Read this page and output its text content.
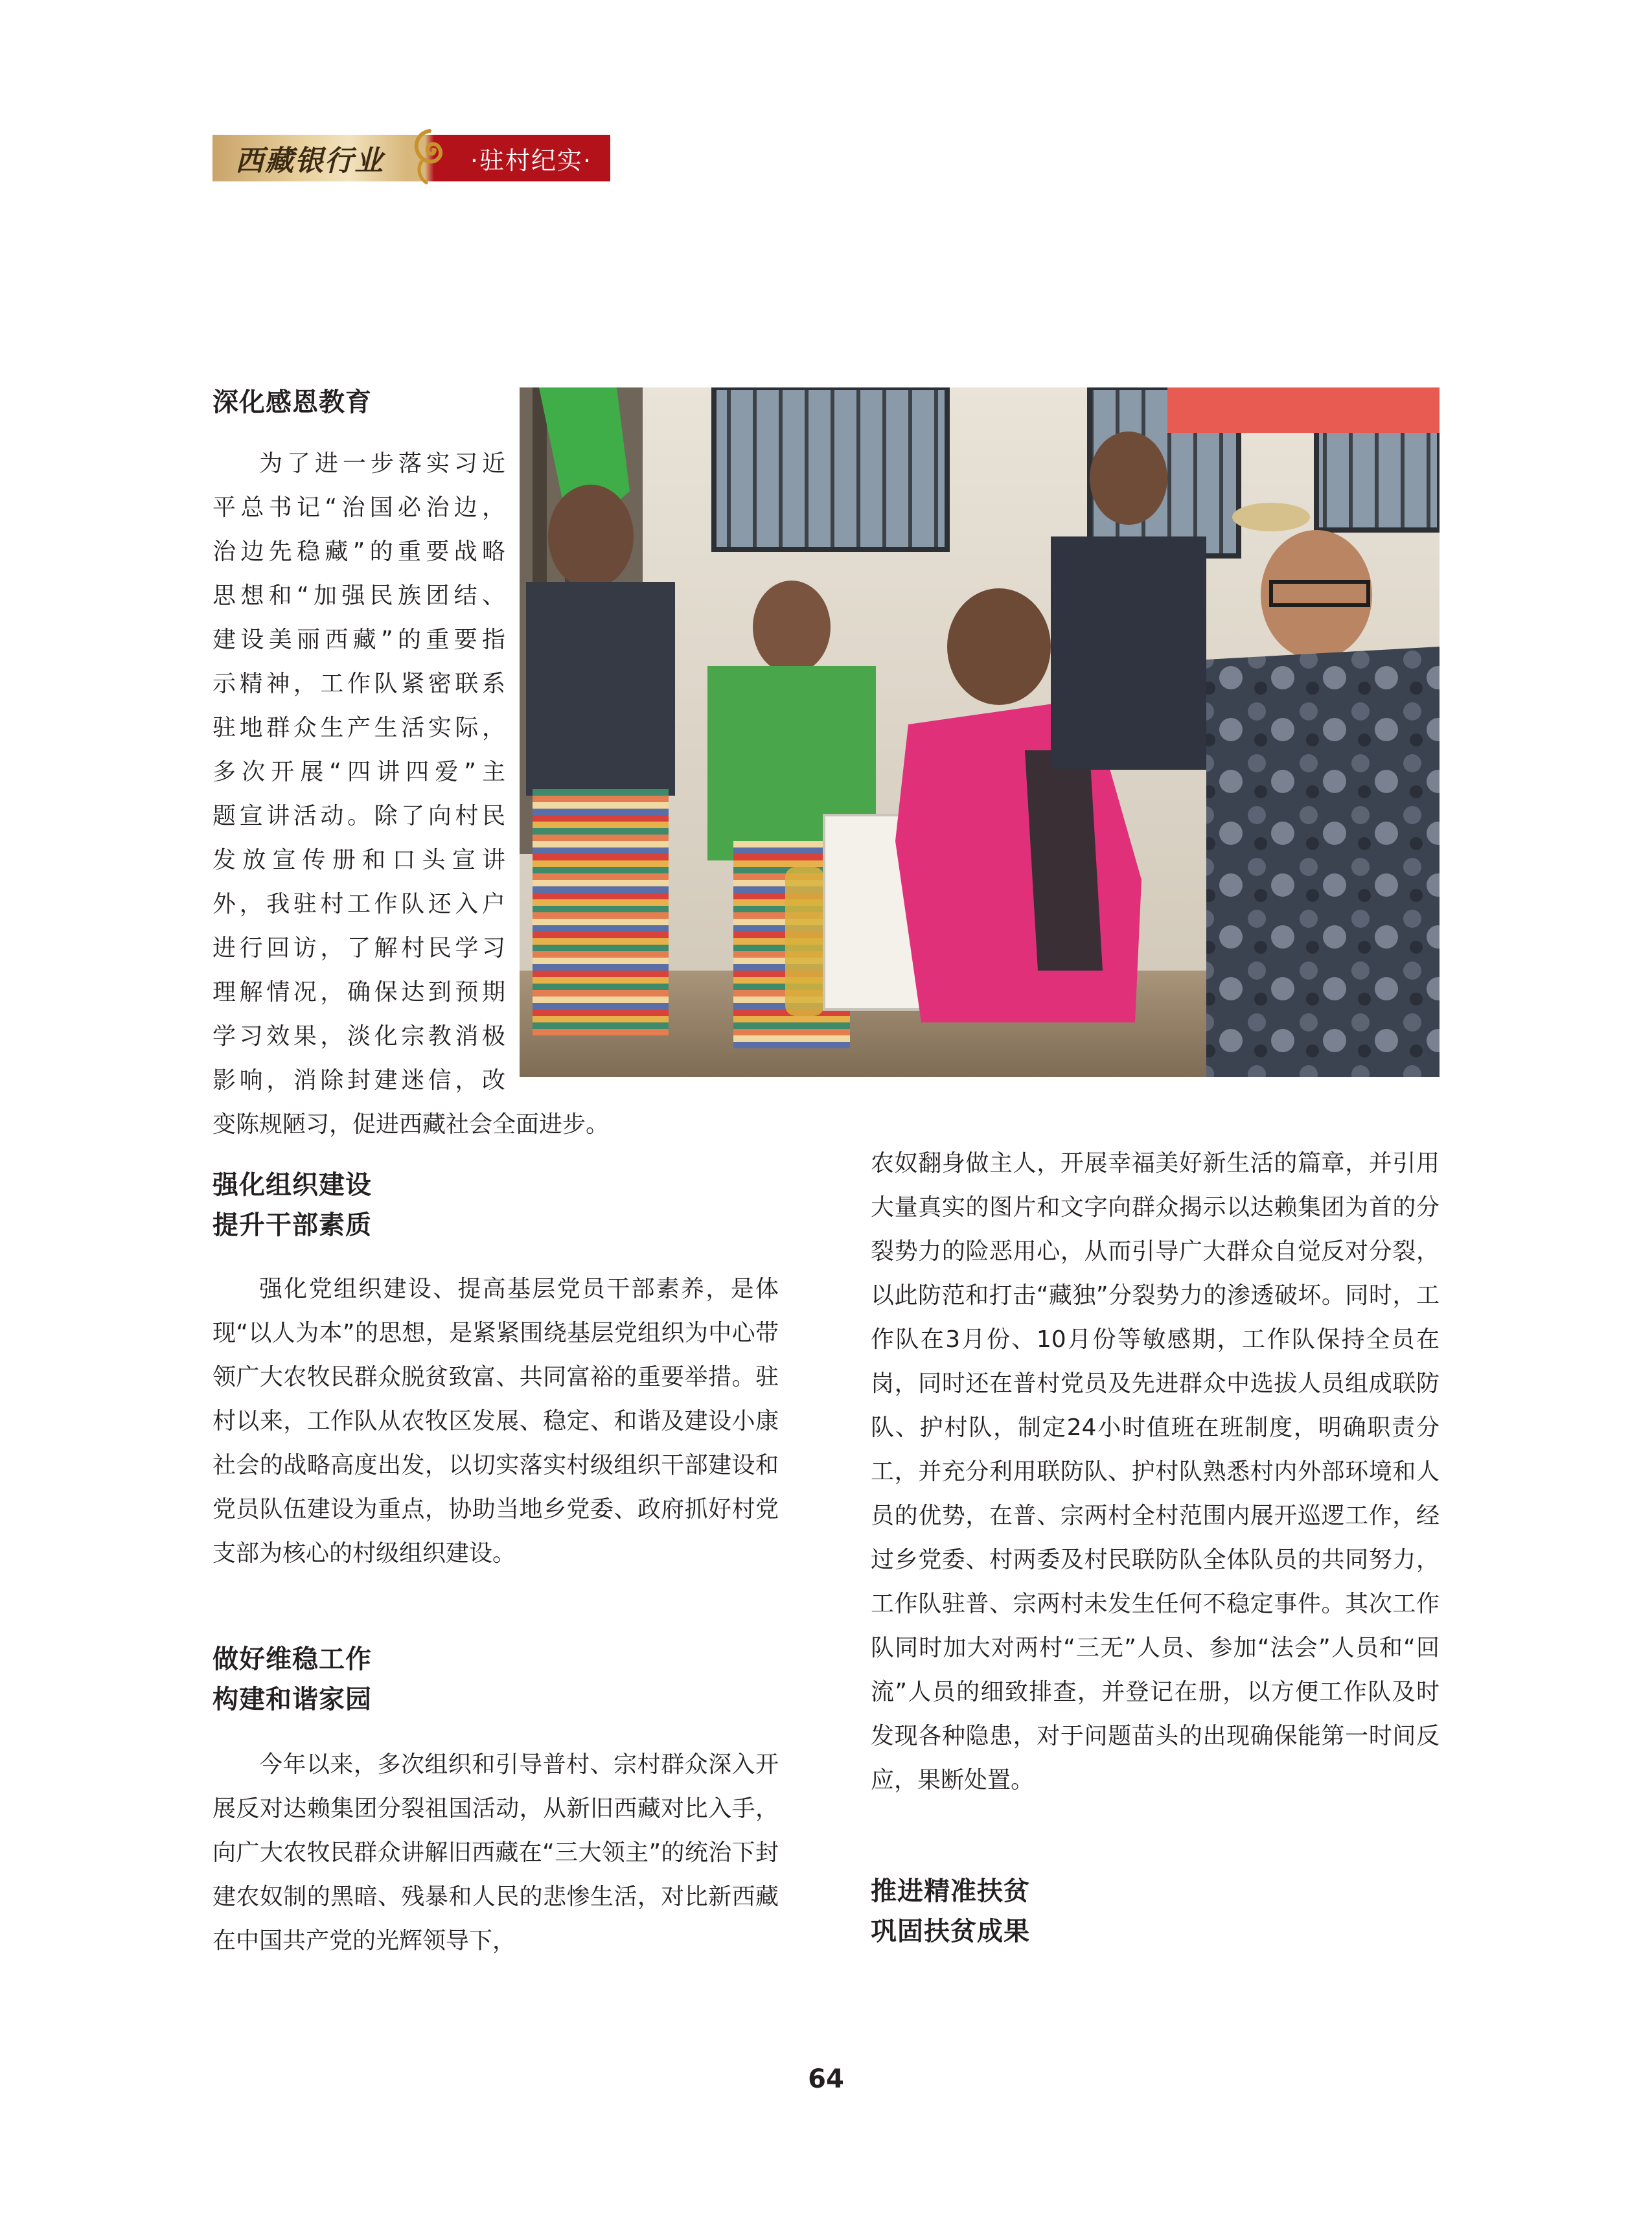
西藏银行业	·驻村纪实·
深化感恩教育
为了进一步落实习近
平总书记“治国必治边，
治边先稳藏”的重要战略
思想和“加强民族团结、
建设美丽西藏”的重要指
示精神，工作队紧密联系
驻地群众生产生活实际，
多次开展“四讲四爱”主
题宣讲活动。除了向村民
发放宣传册和口头宣讲
外，我驻村工作队还入户
进行回访，了解村民学习
理解情况，确保达到预期
学习效果，淡化宗教消极
影响，消除封建迷信，改

变陈规陋习，促进西藏社会全面进步。

强化组织建设
提升干部素质

强化党组织建设、提高基层党员干部素养，是体现“以人为本”的思想，是紧紧围绕基层党组织为中心带领广大农牧民群众脱贫致富、共同富裕的重要举措。驻村以来，工作队从农牧区发展、稳定、和谐及建设小康社会的战略高度出发，以切实落实村级组织干部建设和党员队伍建设为重点，协助当地乡党委、政府抓好村党支部为核心的村级组织建设。

做好维稳工作
构建和谐家园

今年以来，多次组织和引导普村、宗村群众深入开展反对达赖集团分裂祖国活动，从新旧西藏对比入手，向广大农牧民群众讲解旧西藏在“三大领主”的统治下封建农奴制的黑暗、残暴和人民的悲惨生活，对比新西藏在中国共产党的光辉领导下，

农奴翻身做主人，开展幸福美好新生活的篇章，并引用大量真实的图片和文字向群众揭示以达赖集团为首的分裂势力的险恶用心，从而引导广大群众自觉反对分裂，以此防范和打击“藏独”分裂势力的渗透破坏。同时，工作队在3月份、10月份等敏感期，工作队保持全员在岗，同时还在普村党员及先进群众中选拔人员组成联防队、护村队，制定24小时值班在班制度，明确职责分工，并充分利用联防队、护村队熟悉村内外部环境和人员的优势，在普、宗两村全村范围内展开巡逻工作，经过乡党委、村两委及村民联防队全体队员的共同努力，工作队驻普、宗两村未发生任何不稳定事件。其次工作队同时加大对两村“三无”人员、参加“法会”人员和“回流”人员的细致排查，并登记在册，以方便工作队及时发现各种隐患，对于问题苗头的出现确保能第一时间反应，果断处置。

推进精准扶贫
巩固扶贫成果
64
